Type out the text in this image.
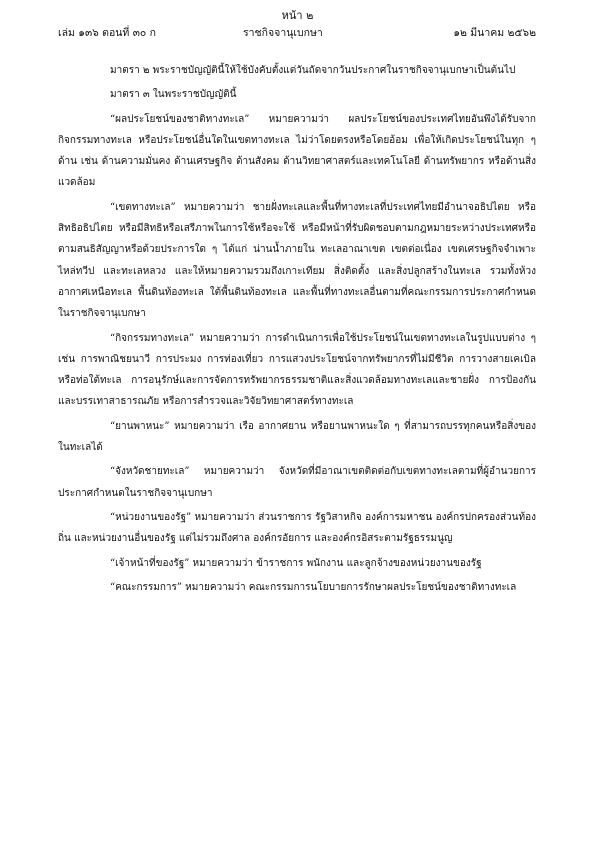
หน้า ๒
เล่ม ๑๓๖ ตอนที่ ๓๐ ก	ราชกิจจานุเบกษา	๑๒ มีนาคม ๒๕๖๒

มาตรา ๒ พระราชบัญญัตินี้ให้ใช้บังคับตั้งแต่วันถัดจากวันประกาศในราชกิจจานุเบกษาเป็นต้นไป

มาตรา ๓ ในพระราชบัญญัตินี้

“ผลประโยชน์ของชาติทางทะเล” หมายความว่า ผลประโยชน์ของประเทศไทยอันพึงได้รับจากกิจกรรมทางทะเล หรือประโยชน์อื่นใดในเขตทางทะเล ไม่ว่าโดยตรงหรือโดยอ้อม เพื่อให้เกิดประโยชน์ในทุก ๆ ด้าน เช่น ด้านความมั่นคง ด้านเศรษฐกิจ ด้านสังคม ด้านวิทยาศาสตร์และเทคโนโลยี ด้านทรัพยากร หรือด้านสิ่งแวดล้อม

“เขตทางทะเล” หมายความว่า ชายฝั่งทะเลและพื้นที่ทางทะเลที่ประเทศไทยมีอำนาจอธิปไตย หรือสิทธิอธิปไตย หรือมีสิทธิหรือเสรีภาพในการใช้หรือจะใช้ หรือมีหน้าที่รับผิดชอบตามกฎหมายระหว่างประเทศหรือตามสนธิสัญญาหรือด้วยประการใด ๆ ได้แก่ น่านน้ำภายใน ทะเลอาณาเขต เขตต่อเนื่อง เขตเศรษฐกิจจำเพาะ ไหล่ทวีป และทะเลหลวง และให้หมายความรวมถึงเกาะเทียม สิ่งติดตั้ง และสิ่งปลูกสร้างในทะเล รวมทั้งห้วงอากาศเหนือทะเล พื้นดินท้องทะเล ใต้พื้นดินท้องทะเล และพื้นที่ทางทะเลอื่นตามที่คณะกรรมการประกาศกำหนดในราชกิจจานุเบกษา

“กิจกรรมทางทะเล” หมายความว่า การดำเนินการเพื่อใช้ประโยชน์ในเขตทางทะเลในรูปแบบต่าง ๆ เช่น การพาณิชยนาวี การประมง การท่องเที่ยว การแสวงประโยชน์จากทรัพยากรที่ไม่มีชีวิต การวางสายเคเบิลหรือท่อใต้ทะเล การอนุรักษ์และการจัดการทรัพยากรธรรมชาติและสิ่งแวดล้อมทางทะเลและชายฝั่ง การป้องกันและบรรเทาสาธารณภัย หรือการสำรวจและวิจัยวิทยาศาสตร์ทางทะเล

“ยานพาหนะ” หมายความว่า เรือ อากาศยาน หรือยานพาหนะใด ๆ ที่สามารถบรรทุกคนหรือสิ่งของในทะเลได้

“จังหวัดชายทะเล” หมายความว่า จังหวัดที่มีอาณาเขตติดต่อกับเขตทางทะเลตามที่ผู้อำนวยการประกาศกำหนดในราชกิจจานุเบกษา

“หน่วยงานของรัฐ” หมายความว่า ส่วนราชการ รัฐวิสาหกิจ องค์การมหาชน องค์กรปกครองส่วนท้องถิ่น และหน่วยงานอื่นของรัฐ แต่ไม่รวมถึงศาล องค์กรอัยการ และองค์กรอิสระตามรัฐธรรมนูญ

“เจ้าหน้าที่ของรัฐ” หมายความว่า ข้าราชการ พนักงาน และลูกจ้างของหน่วยงานของรัฐ

“คณะกรรมการ” หมายความว่า คณะกรรมการนโยบายการรักษาผลประโยชน์ของชาติทางทะเล
